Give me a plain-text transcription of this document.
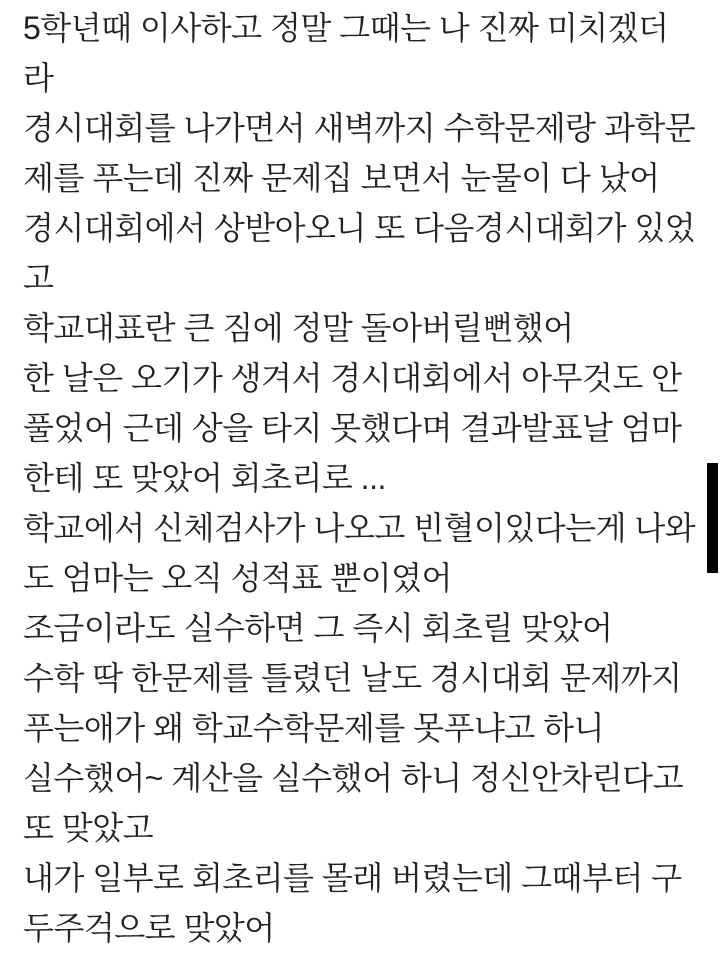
5학년때 이사하고 정말 그때는 나 진짜 미치겠더
라
경시대회를 나가면서 새벽까지 수학문제랑 과학문
제를 푸는데 진짜 문제집 보면서 눈물이 다 났어
경시대회에서 상받아오니 또 다음경시대회가 있었
고
학교대표란 큰 짐에 정말 돌아버릴뻔했어
한 날은 오기가 생겨서 경시대회에서 아무것도 안
풀었어 근데 상을 타지 못했다며 결과발표날 엄마
한테 또 맞았어 회초리로 ...
학교에서 신체검사가 나오고 빈혈이있다는게 나와
도 엄마는 오직 성적표 뿐이였어
조금이라도 실수하면 그 즉시 회초릴 맞았어
수학 딱 한문제를 틀렸던 날도 경시대회 문제까지
푸는애가 왜 학교수학문제를 못푸냐고 하니
실수했어~ 계산을 실수했어 하니 정신안차린다고
또 맞았고
내가 일부로 회초리를 몰래 버렸는데 그때부터 구
두주걱으로 맞았어
